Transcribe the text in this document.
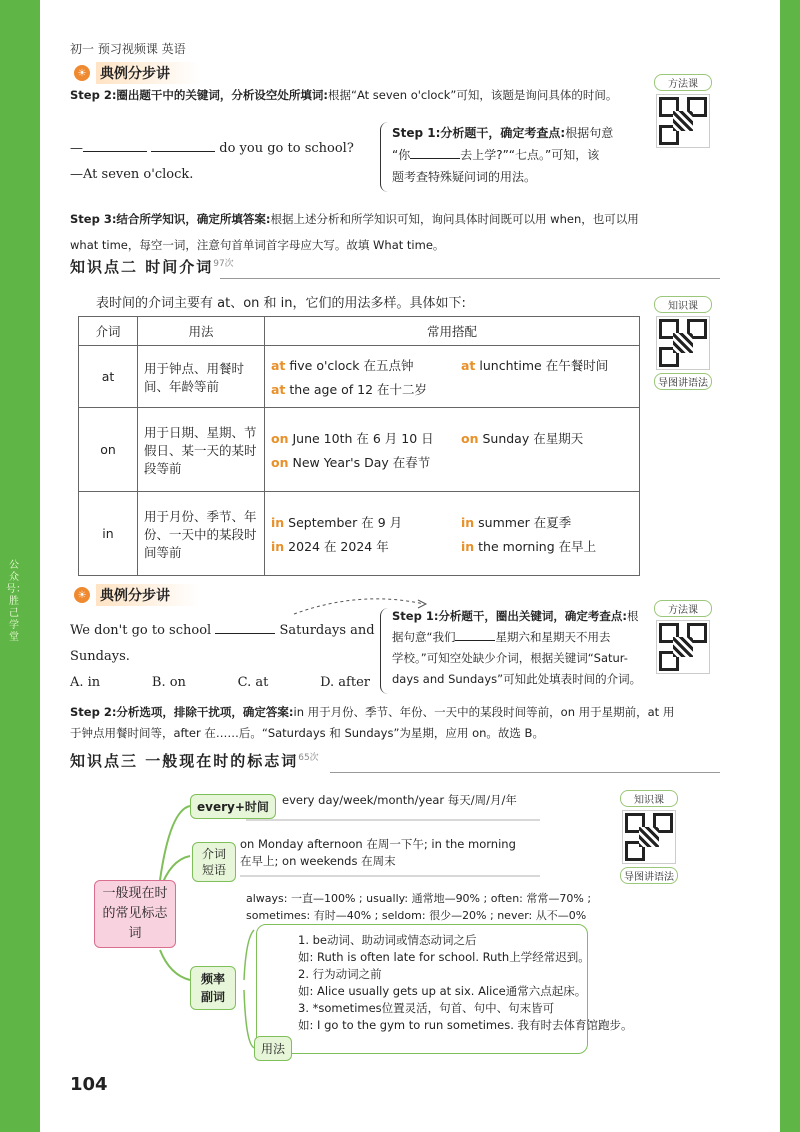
公众号：胜己学堂
初一 预习视频课 英语
☀ 典例分步讲
方法课
Step 2:圈出题干中的关键词，分析设空处所填词:根据“At seven o'clock”可知，该题是询问具体的时间。
—	do you go to school?
—At seven o'clock.
Step 1:分析题干，确定考查点:根据句意
“你	去上学?”“七点。”可知，该
题考查特殊疑问词的用法。
Step 3:结合所学知识，确定所填答案:根据上述分析和所学知识可知，询问具体时间既可以用 when，也可以用
what time，每空一词，注意句首单词首字母应大写。故填 What time。
知识点二 时间介词$^{97次}$
表时间的介词主要有 at、on 和 in，它们的用法多样。具体如下:	知识课
导图讲语法
介词	用法	常用搭配
at	用于钟点、用餐时间、年龄等前	at five o'clock 在五点钟 at lunchtime 在午餐时间
at the age of 12 在十二岁

on	用于日期、星期、节假日、某一天的某时段等前	on June 10th 在 6 月 10 日 on Sunday 在星期天
on New Year's Day 在春节

in	用于月份、季节、年份、一天中的某段时间等前	in September 在 9 月 in summer 在夏季
in 2024 在 2024 年 in the morning 在早上
☀ 典例分步讲
方法课
We don't go to school	Saturdays and
Sundays.
A. in	B. on	C. at	D. after
Step 1:分析题干，圈出关键词，确定考查点:根
据句意“我们	星期六和星期天不用去
学校。”可知空处缺少介词，根据关键词“Satur-
days and Sundays”可知此处填表时间的介词。
Step 2:分析选项，排除干扰项，确定答案:in 用于月份、季节、年份、一天中的某段时间等前，on 用于星期前，at 用
于钟点用餐时间等，after 在……后。“Saturdays 和 Sundays”为星期，应用 on。故选 B。
知识点三 一般现在时的标志词$^{65次}$
知识课
导图讲语法
一般现在时的常见标志词
every+时间	every day/week/month/year 每天/周/月/年
介词短语
on Monday afternoon 在周一下午; in the morning
在早上; on weekends 在周末
频率副词
always: 一直—100% ; usually: 通常地—90% ; often: 常常—70% ;
sometimes: 有时—40% ; seldom: 很少—20% ; never: 从不—0%
1. be动词、助动词或情态动词之后
如: Ruth is often late for school. Ruth上学经常迟到。
2. 行为动词之前
如: Alice usually gets up at six. Alice通常六点起床。
3. *sometimes位置灵活，句首、句中、句末皆可
如: I go to the gym to run sometimes. 我有时去体育馆跑步。
用法
104
